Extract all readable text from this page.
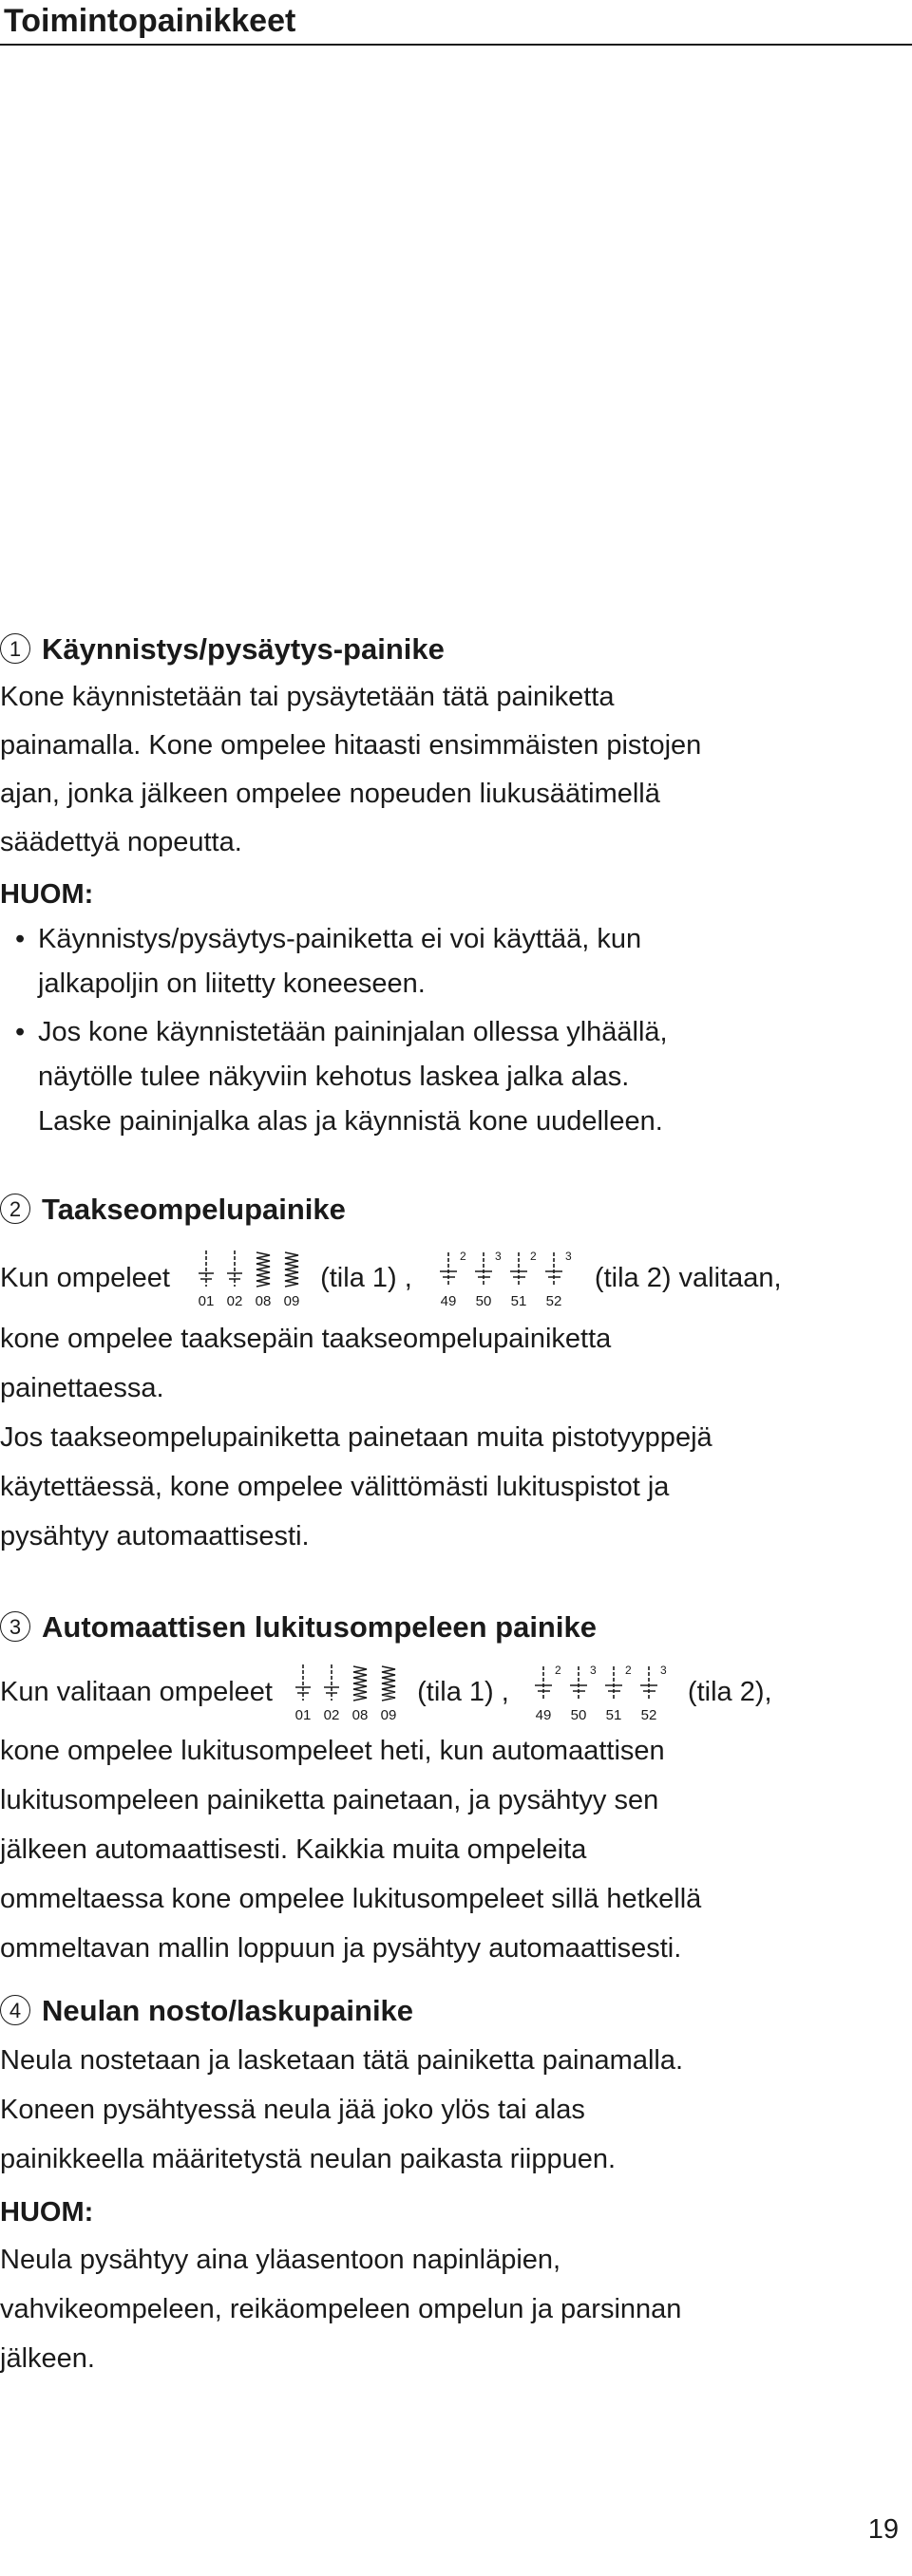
Toimintopainikkeet
1 Käynnistys/pysäytys-painike
Kone käynnistetään tai pysäytetään tätä painiketta
painamalla. Kone ompelee hitaasti ensimmäisten pistojen
ajan, jonka jälkeen ompelee nopeuden liukusäätimellä
säädettyä nopeutta.
HUOM:
• Käynnistys/pysäytys-painiketta ei voi käyttää, kun
jalkapoljin on liitetty koneeseen.
• Jos kone käynnistetään paininjalan ollessa ylhäällä,
näytölle tulee näkyviin kehotus laskea jalka alas.
Laske paininjalka alas ja käynnistä kone uudelleen.
2 Taakseompelupainike
Kun ompeleet
01 02 08 09
(tila 1) ,
2
49
3
50
2
51
3
52
(tila 2) valitaan,
kone ompelee taaksepäin taakseompelupainiketta
painettaessa.
Jos taakseompelupainiketta painetaan muita pistotyyppejä
käytettäessä, kone ompelee välittömästi lukituspistot ja
pysähtyy automaattisesti.
3 Automaattisen lukitusompeleen painike
Kun valitaan ompeleet
01 02 08 09
(tila 1) ,
2
49
3
50
2
51
3
52
(tila 2),
kone ompelee lukitusompeleet heti, kun automaattisen
lukitusompeleen painiketta painetaan, ja pysähtyy sen
jälkeen automaattisesti. Kaikkia muita ompeleita
ommeltaessa kone ompelee lukitusompeleet sillä hetkellä
ommeltavan mallin loppuun ja pysähtyy automaattisesti.
4 Neulan nosto/laskupainike
Neula nostetaan ja lasketaan tätä painiketta painamalla.
Koneen pysähtyessä neula jää joko ylös tai alas
painikkeella määritetystä neulan paikasta riippuen.
HUOM:
Neula pysähtyy aina yläasentoon napinläpien,
vahvikeompeleen, reikäompeleen ompelun ja parsinnan
jälkeen.
19
